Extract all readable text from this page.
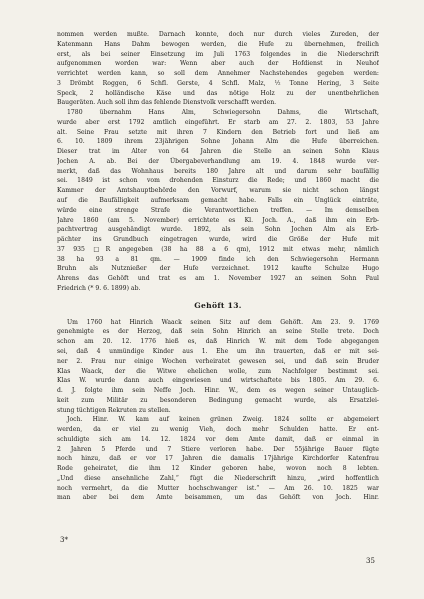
nommen werden mußte. Darnach konnte, doch nur durch vieles Zureden, der
Katenmann Hans Dahm bewogen werden, die Hufe zu übernehmen, freilich
erst, als bei seiner Einsetzung im Juli 1763 folgendes in die Niederschrift
aufgenommen worden war: Wenn aber auch der Hofdienst in Neuhof
verrichtet werden kann, so soll dem Annehmer Nachstehendes gegeben werden:
3 Drömbt Roggen, 6 Schfl. Gerste, 4 Schfl. Malz, ½ Tonne Hering, 3 Seite
Speck, 2 holländische Käse und das nötige Holz zu der unentbehrlichen
Baugeräten. Auch soll ihm das fehlende Dienstvolk verschafft werden.
1780 übernahm Hans Alm, Schwiegersohn Dahms, die Wirtschaft,
wurde aber erst 1792 amtlich eingeführt. Er starb am 27. 2. 1803, 53 Jahre
alt. Seine Frau setzte mit ihren 7 Kindern den Betrieb fort und ließ am
6. 10. 1809 ihrem 23jährigen Sohne Johann Alm die Hufe überreichen.
Dieser trat im Alter von 64 Jahren die Stelle an seinen Sohn Klaus
Jochen A. ab. Bei der Übergabeverhandlung am 19. 4. 1848 wurde ver-
merkt, daß das Wohnhaus bereits 180 Jahre alt und darum sehr baufällig
sei. 1849 ist schon vom drohenden Einsturz die Rede; und 1860 macht die
Kammer der Amtshauptbehörde den Vorwurf, warum sie nicht schon längst
auf die Baufälligkeit aufmerksam gemacht habe. Falls ein Unglück einträte,
würde eine strenge Strafe die Verantwortlichen treffen. — Im demselben
Jahre 1860 (am 5. November) errichtete es Kl. Joch. A., daß ihm ein Erb-
pachtvertrag ausgehändigt wurde. 1892, als sein Sohn Jochen Alm als Erb-
pächter ins Grundbuch eingetragen wurde, wird die Größe der Hufe mit
37 935 □R angegeben (38 ha 88 a 6 qm), 1912 mit etwas mehr, nämlich
38 ha 93 a 81 qm. — 1909 finde ich den Schwiegersohn Hermann
Bruhn als Nutznießer der Hufe verzeichnet. 1912 kaufte Schulze Hugo
Ahrens das Gehöft und trat es am 1. November 1927 an seinen Sohn Paul
Friedrich (* 9. 6. 1899) ab.
Gehöft 13.
Um 1760 hat Hinrich Waack seinen Sitz auf dem Gehöft. Am 23. 9. 1769
genehmigte es der Herzog, daß sein Sohn Hinrich an seine Stelle trete. Doch
schon am 20. 12. 1776 hieß es, daß Hinrich W. mit dem Tode abgegangen
sei, daß 4 unmündige Kinder aus 1. Ehe um ihn trauerten, daß er mit sei-
ner 2. Frau nur einige Wochen verheiratet gewesen sei, und daß sein Bruder
Klas Waack, der die Witwe ehelichen wolle, zum Nachfolger bestimmt sei.
Klas W. wurde dann auch eingewiesen und wirtschaftete bis 1805. Am 29. 6.
d. J. folgte ihm sein Neffe Joch. Hinr. W., dem es wegen seiner Untauglich-
keit zum Militär zu besonderen Bedingung gemacht wurde, als Ersatzlei-
stung tüchtigen Rekruten zu stellen.
Joch. Hinr. W. kam auf keinen grünen Zweig. 1824 sollte er abgemeiert
werden, da er viel zu wenig Vieh, doch mehr Schulden hatte. Er ent-
schuldigte sich am 14. 12. 1824 vor dem Amte damit, daß er einmal in
2 Jahren 5 Pferde und 7 Stiere verloren habe. Der 55jährige Bauer fügte
noch hinzu, daß er vor 17 Jahren die damalis 17jährige Kirchdorfer Katenfrau
Rode geheiratet, die ihm 12 Kinder geboren habe, wovon noch 8 lebten.
„Und diese ansehnliche Zahl,“ fügt die Niederschrift hinzu, „wird hoffentlich
noch vermehrt, da die Mutter hochschwanger ist.“ — Am 26. 10. 1825 war
man aber bei dem Amte beisammen, um das Gehöft von Joch. Hinr.
3*
35
